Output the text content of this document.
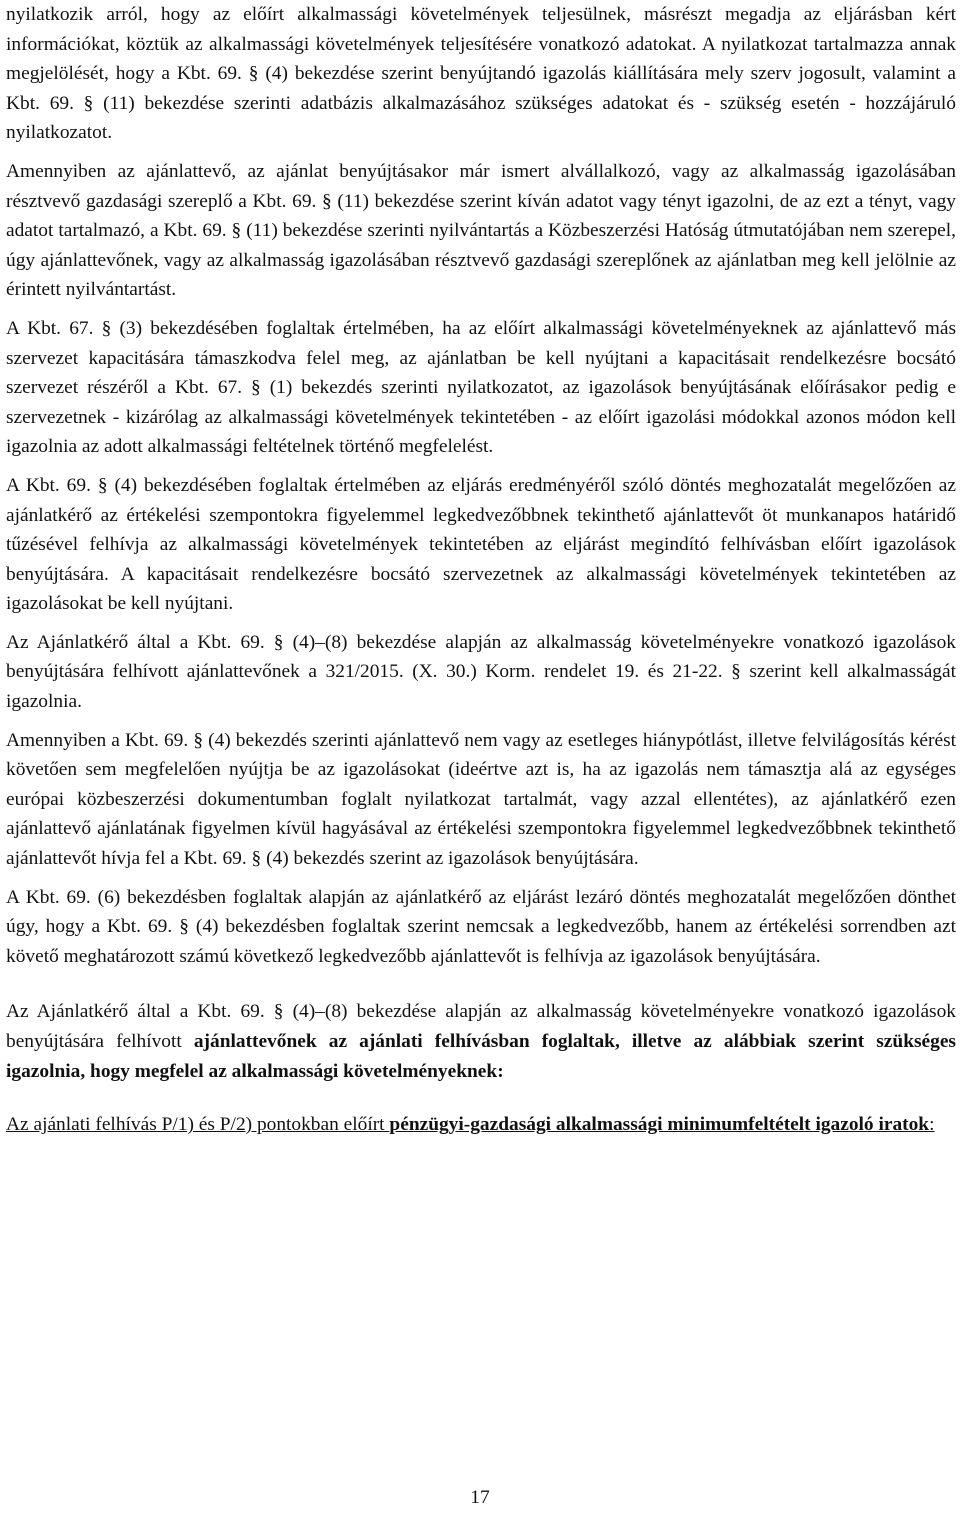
nyilatkozik arról, hogy az előírt alkalmassági követelmények teljesülnek, másrészt megadja az eljárásban kért információkat, köztük az alkalmassági követelmények teljesítésére vonatkozó adatokat. A nyilatkozat tartalmazza annak megjelölését, hogy a Kbt. 69. § (4) bekezdése szerint benyújtandó igazolás kiállítására mely szerv jogosult, valamint a Kbt. 69. § (11) bekezdése szerinti adatbázis alkalmazásához szükséges adatokat és - szükség esetén - hozzájáruló nyilatkozatot.

Amennyiben az ajánlattevő, az ajánlat benyújtásakor már ismert alvállalkozó, vagy az alkalmasság igazolásában résztvevő gazdasági szereplő a Kbt. 69. § (11) bekezdése szerint kíván adatot vagy tényt igazolni, de az ezt a tényt, vagy adatot tartalmazó, a Kbt. 69. § (11) bekezdése szerinti nyilvántartás a Közbeszerzési Hatóság útmutatójában nem szerepel, úgy ajánlattevőnek, vagy az alkalmasság igazolásában résztvevő gazdasági szereplőnek az ajánlatban meg kell jelölnie az érintett nyilvántartást.

A Kbt. 67. § (3) bekezdésében foglaltak értelmében, ha az előírt alkalmassági követelményeknek az ajánlattevő más szervezet kapacitására támaszkodva felel meg, az ajánlatban be kell nyújtani a kapacitásait rendelkezésre bocsátó szervezet részéről a Kbt. 67. § (1) bekezdés szerinti nyilatkozatot, az igazolások benyújtásának előírásakor pedig e szervezetnek - kizárólag az alkalmassági követelmények tekintetében - az előírt igazolási módokkal azonos módon kell igazolnia az adott alkalmassági feltételnek történő megfelelést.

A Kbt. 69. § (4) bekezdésében foglaltak értelmében az eljárás eredményéről szóló döntés meghozatalát megelőzően az ajánlatkérő az értékelési szempontokra figyelemmel legkedvezőbbnek tekinthető ajánlattevőt öt munkanapos határidő tűzésével felhívja az alkalmassági követelmények tekintetében az eljárást megindító felhívásban előírt igazolások benyújtására. A kapacitásait rendelkezésre bocsátó szervezetnek az alkalmassági követelmények tekintetében az igazolásokat be kell nyújtani.

Az Ajánlatkérő által a Kbt. 69. § (4)–(8) bekezdése alapján az alkalmasság követelményekre vonatkozó igazolások benyújtására felhívott ajánlattevőnek a 321/2015. (X. 30.) Korm. rendelet 19. és 21-22. § szerint kell alkalmasságát igazolnia.

Amennyiben a Kbt. 69. § (4) bekezdés szerinti ajánlattevő nem vagy az esetleges hiánypótlást, illetve felvilágosítás kérést követően sem megfelelően nyújtja be az igazolásokat (ideértve azt is, ha az igazolás nem támasztja alá az egységes európai közbeszerzési dokumentumban foglalt nyilatkozat tartalmát, vagy azzal ellentétes), az ajánlatkérő ezen ajánlattevő ajánlatának figyelmen kívül hagyásával az értékelési szempontokra figyelemmel legkedvezőbbnek tekinthető ajánlattevőt hívja fel a Kbt. 69. § (4) bekezdés szerint az igazolások benyújtására.

A Kbt. 69. (6) bekezdésben foglaltak alapján az ajánlatkérő az eljárást lezáró döntés meghozatalát megelőzően dönthet úgy, hogy a Kbt. 69. § (4) bekezdésben foglaltak szerint nemcsak a legkedvezőbb, hanem az értékelési sorrendben azt követő meghatározott számú következő legkedvezőbb ajánlattevőt is felhívja az igazolások benyújtására.

Az Ajánlatkérő által a Kbt. 69. § (4)–(8) bekezdése alapján az alkalmasság követelményekre vonatkozó igazolások benyújtására felhívott ajánlattevőnek az ajánlati felhívásban foglaltak, illetve az alábbiak szerint szükséges igazolnia, hogy megfelel az alkalmassági követelményeknek:

Az ajánlati felhívás P/1) és P/2) pontokban előírt pénzügyi-gazdasági alkalmassági minimumfeltételt igazoló iratok:

17
